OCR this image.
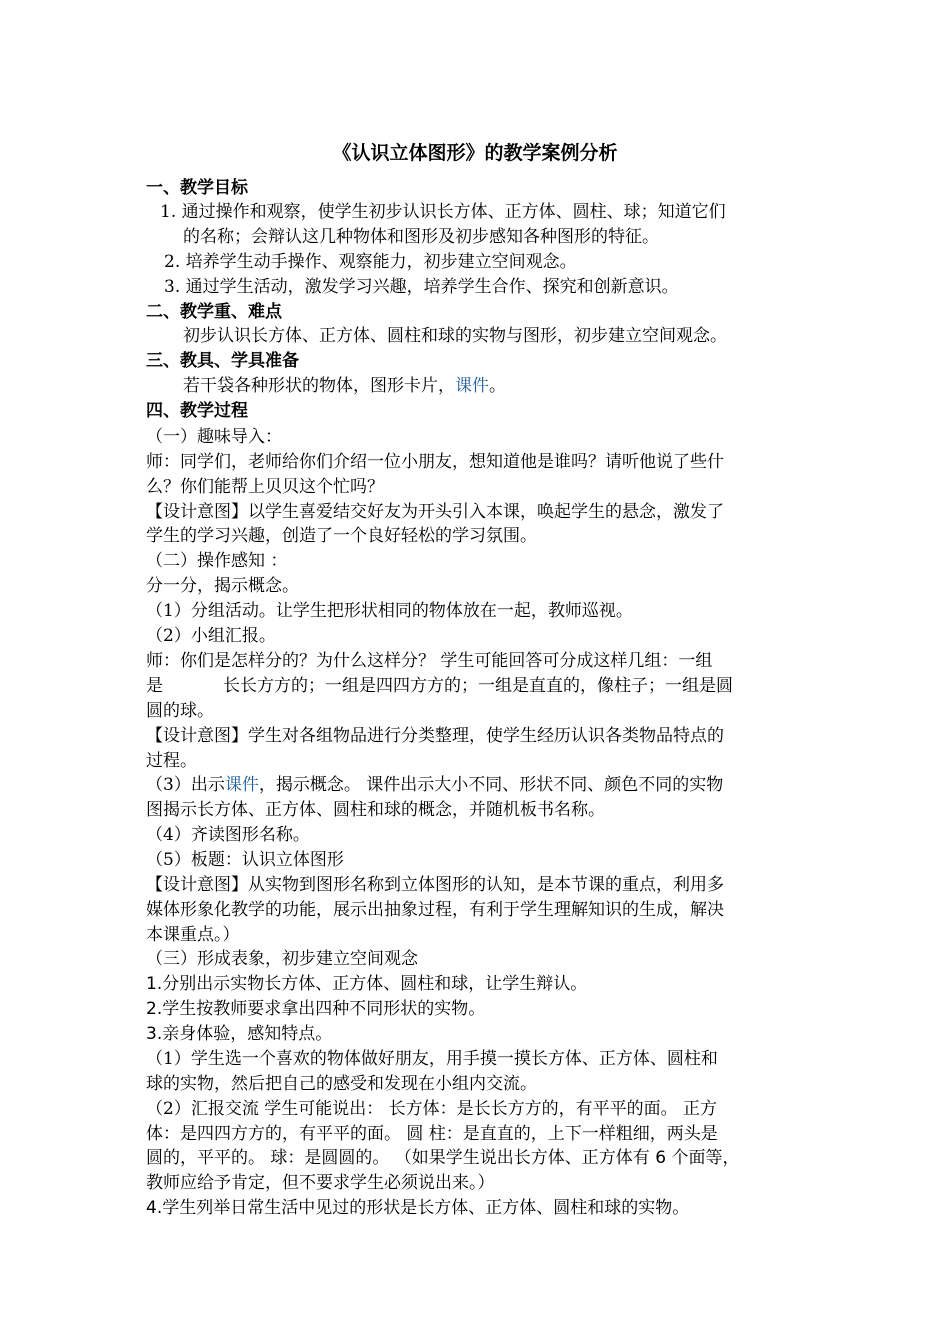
《认识立体图形》的教学案例分析
一、教学目标
1. 通过操作和观察，使学生初步认识长方体、正方体、圆柱、球；知道它们
的名称；会辩认这几种物体和图形及初步感知各种图形的特征。
2. 培养学生动手操作、观察能力，初步建立空间观念。
3. 通过学生活动，激发学习兴趣，培养学生合作、探究和创新意识。
二、教学重、难点
初步认识长方体、正方体、圆柱和球的实物与图形，初步建立空间观念。
三、教具、学具准备
若干袋各种形状的物体，图形卡片，课件。
四、教学过程
（一）趣味导入：
师：同学们，老师给你们介绍一位小朋友，想知道他是谁吗？请听他说了些什
么？你们能帮上贝贝这个忙吗？
【设计意图】以学生喜爱结交好友为开头引入本课，唤起学生的悬念，激发了
学生的学习兴趣，创造了一个良好轻松的学习氛围。
（二）操作感知 ：
分一分，揭示概念。
（1）分组活动。让学生把形状相同的物体放在一起，教师巡视。
（2）小组汇报。
师：你们是怎样分的？为什么这样分？ 学生可能回答可分成这样几组：一组
是	长长方方的；一组是四四方方的；一组是直直的，像柱子；一组是圆
圆的球。
【设计意图】学生对各组物品进行分类整理，使学生经历认识各类物品特点的
过程。
（3）出示课件，揭示概念。 课件出示大小不同、形状不同、颜色不同的实物
图揭示长方体、正方体、圆柱和球的概念，并随机板书名称。
（4）齐读图形名称。
（5）板题：认识立体图形
【设计意图】从实物到图形名称到立体图形的认知，是本节课的重点，利用多
媒体形象化教学的功能，展示出抽象过程，有利于学生理解知识的生成，解决
本课重点。）
（三）形成表象，初步建立空间观念
1.分别出示实物长方体、正方体、圆柱和球，让学生辩认。
2.学生按教师要求拿出四种不同形状的实物。
3.亲身体验，感知特点。
（1）学生选一个喜欢的物体做好朋友，用手摸一摸长方体、正方体、圆柱和
球的实物，然后把自己的感受和发现在小组内交流。
（2）汇报交流 学生可能说出： 长方体：是长长方方的，有平平的面。 正方
体：是四四方方的，有平平的面。 圆 柱：是直直的，上下一样粗细，两头是
圆的，平平的。 球：是圆圆的。 （如果学生说出长方体、正方体有 6 个面等，
教师应给予肯定，但不要求学生必须说出来。）
4.学生列举日常生活中见过的形状是长方体、正方体、圆柱和球的实物。
